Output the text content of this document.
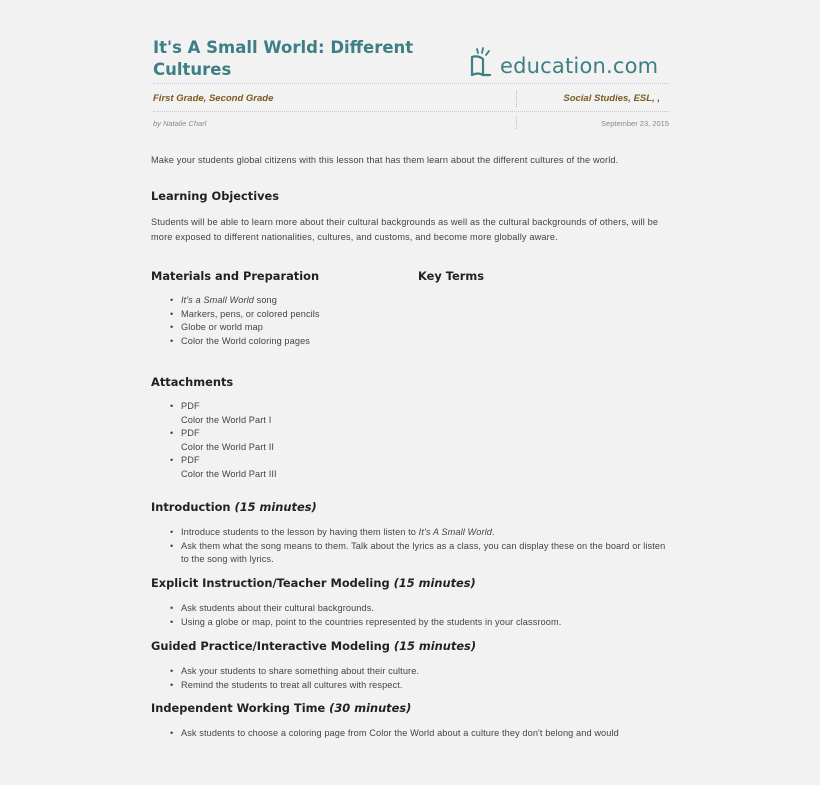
It's A Small World: Different Cultures	education.com
First Grade, Second Grade	Social Studies, ESL, ,
by Natalie Charl	September 23, 2015
Make your students global citizens with this lesson that has them learn about the different cultures of the world.
Learning Objectives
Students will be able to learn more about their cultural backgrounds as well as the cultural backgrounds of others, will be more exposed to different nationalities, cultures, and customs, and become more globally aware.
Materials and Preparation	Key Terms
• It's a Small World song
• Markers, pens, or colored pencils
• Globe or world map
• Color the World coloring pages
Attachments
• PDF
Color the World Part I
• PDF
Color the World Part II
• PDF
Color the World Part III
Introduction (15 minutes)
• Introduce students to the lesson by having them listen to It's A Small World.
• Ask them what the song means to them. Talk about the lyrics as a class, you can display these on the board or listen to the song with lyrics.
Explicit Instruction/Teacher Modeling (15 minutes)
• Ask students about their cultural backgrounds.
• Using a globe or map, point to the countries represented by the students in your classroom.
Guided Practice/Interactive Modeling (15 minutes)
• Ask your students to share something about their culture.
• Remind the students to treat all cultures with respect.
Independent Working Time (30 minutes)
• Ask students to choose a coloring page from Color the World about a culture they don't belong and would
